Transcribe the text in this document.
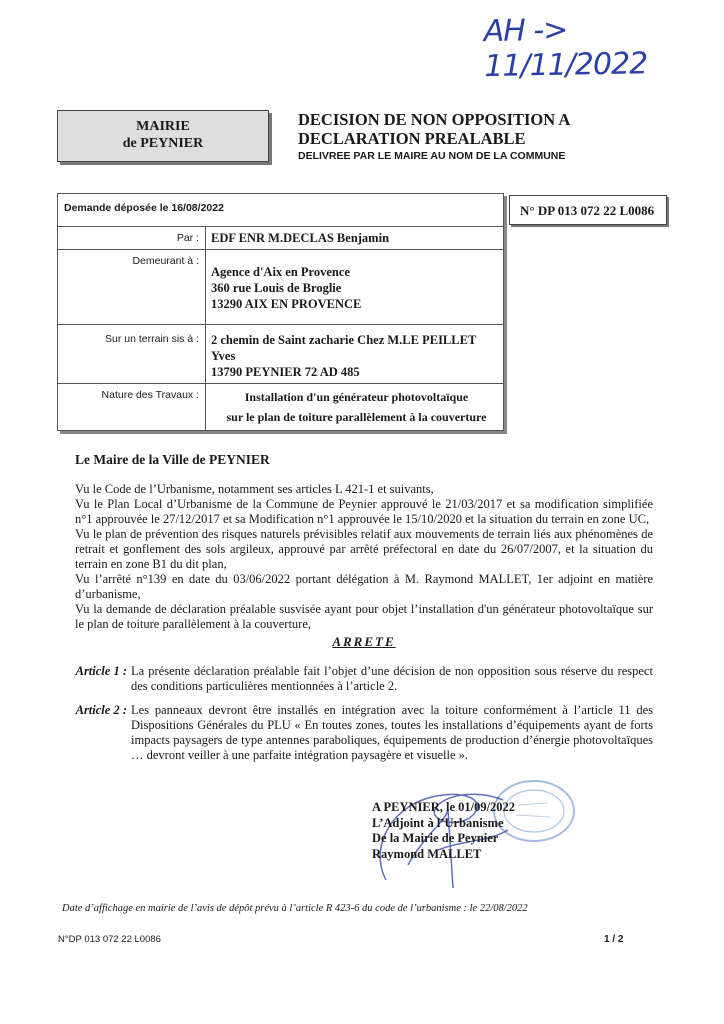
AH -> 11/11/2022
MAIRIE
de PEYNIER
DECISION DE NON OPPOSITION A
DECLARATION PREALABLE
DELIVREE PAR LE MAIRE AU NOM DE LA COMMUNE
N° DP 013 072 22 L0086
Demande déposée le 16/08/2022	
Par :	EDF ENR M.DECLAS Benjamin
Demeurant à :	Agence d'Aix en Provence
360 rue Louis de Broglie
13290 AIX EN PROVENCE

Sur un terrain sis à :	2 chemin de Saint zacharie Chez M.LE PEILLET
Yves
13790 PEYNIER 72 AD 485

Nature des Travaux :	Installation d'un générateur photovoltaïque
sur le plan de toiture parallèlement à la couverture
Le Maire de la Ville de PEYNIER

Vu le Code de l’Urbanisme, notamment ses articles L 421-1 et suivants,

Vu le Plan Local d’Urbanisme de la Commune de Peynier approuvé le 21/03/2017 et sa modification simplifiée n°1 approuvée le 27/12/2017 et sa Modification n°1 approuvée le 15/10/2020 et la situation du terrain en zone UC,

Vu le plan de prévention des risques naturels prévisibles relatif aux mouvements de terrain liés aux phénomènes de retrait et gonflement des sols argileux, approuvé par arrêté préfectoral en date du 26/07/2007, et la situation du terrain en zone B1 du dit plan,

Vu l’arrêté n°139 en date du 03/06/2022 portant délégation à M. Raymond MALLET, 1er adjoint en matière d’urbanisme,

Vu la demande de déclaration préalable susvisée ayant pour objet l’installation d'un générateur photovoltaïque sur le plan de toiture parallèlement à la couverture,

ARRETE

Article 1 : La présente déclaration préalable fait l’objet d’une décision de non opposition sous réserve du respect des conditions particulières mentionnées à l’article 2.
Article 2 : Les panneaux devront être installés en intégration avec la toiture conformément à l’article 11 des Dispositions Générales du PLU « En toutes zones, toutes les installations d’équipements ayant de forts impacts paysagers de type antennes paraboliques, équipements de production d’énergie photovoltaïques … devront veiller à une parfaite intégration paysagère et visuelle ».
A PEYNIER, le 01/09/2022
L’Adjoint à l’Urbanisme
De la Mairie de Peynier
Raymond MALLET
Date d’affichage en mairie de l’avis de dépôt prévu à l’article R 423-6 du code de l’urbanisme : le 22/08/2022
N°DP 013 072 22 L0086	1 / 2
